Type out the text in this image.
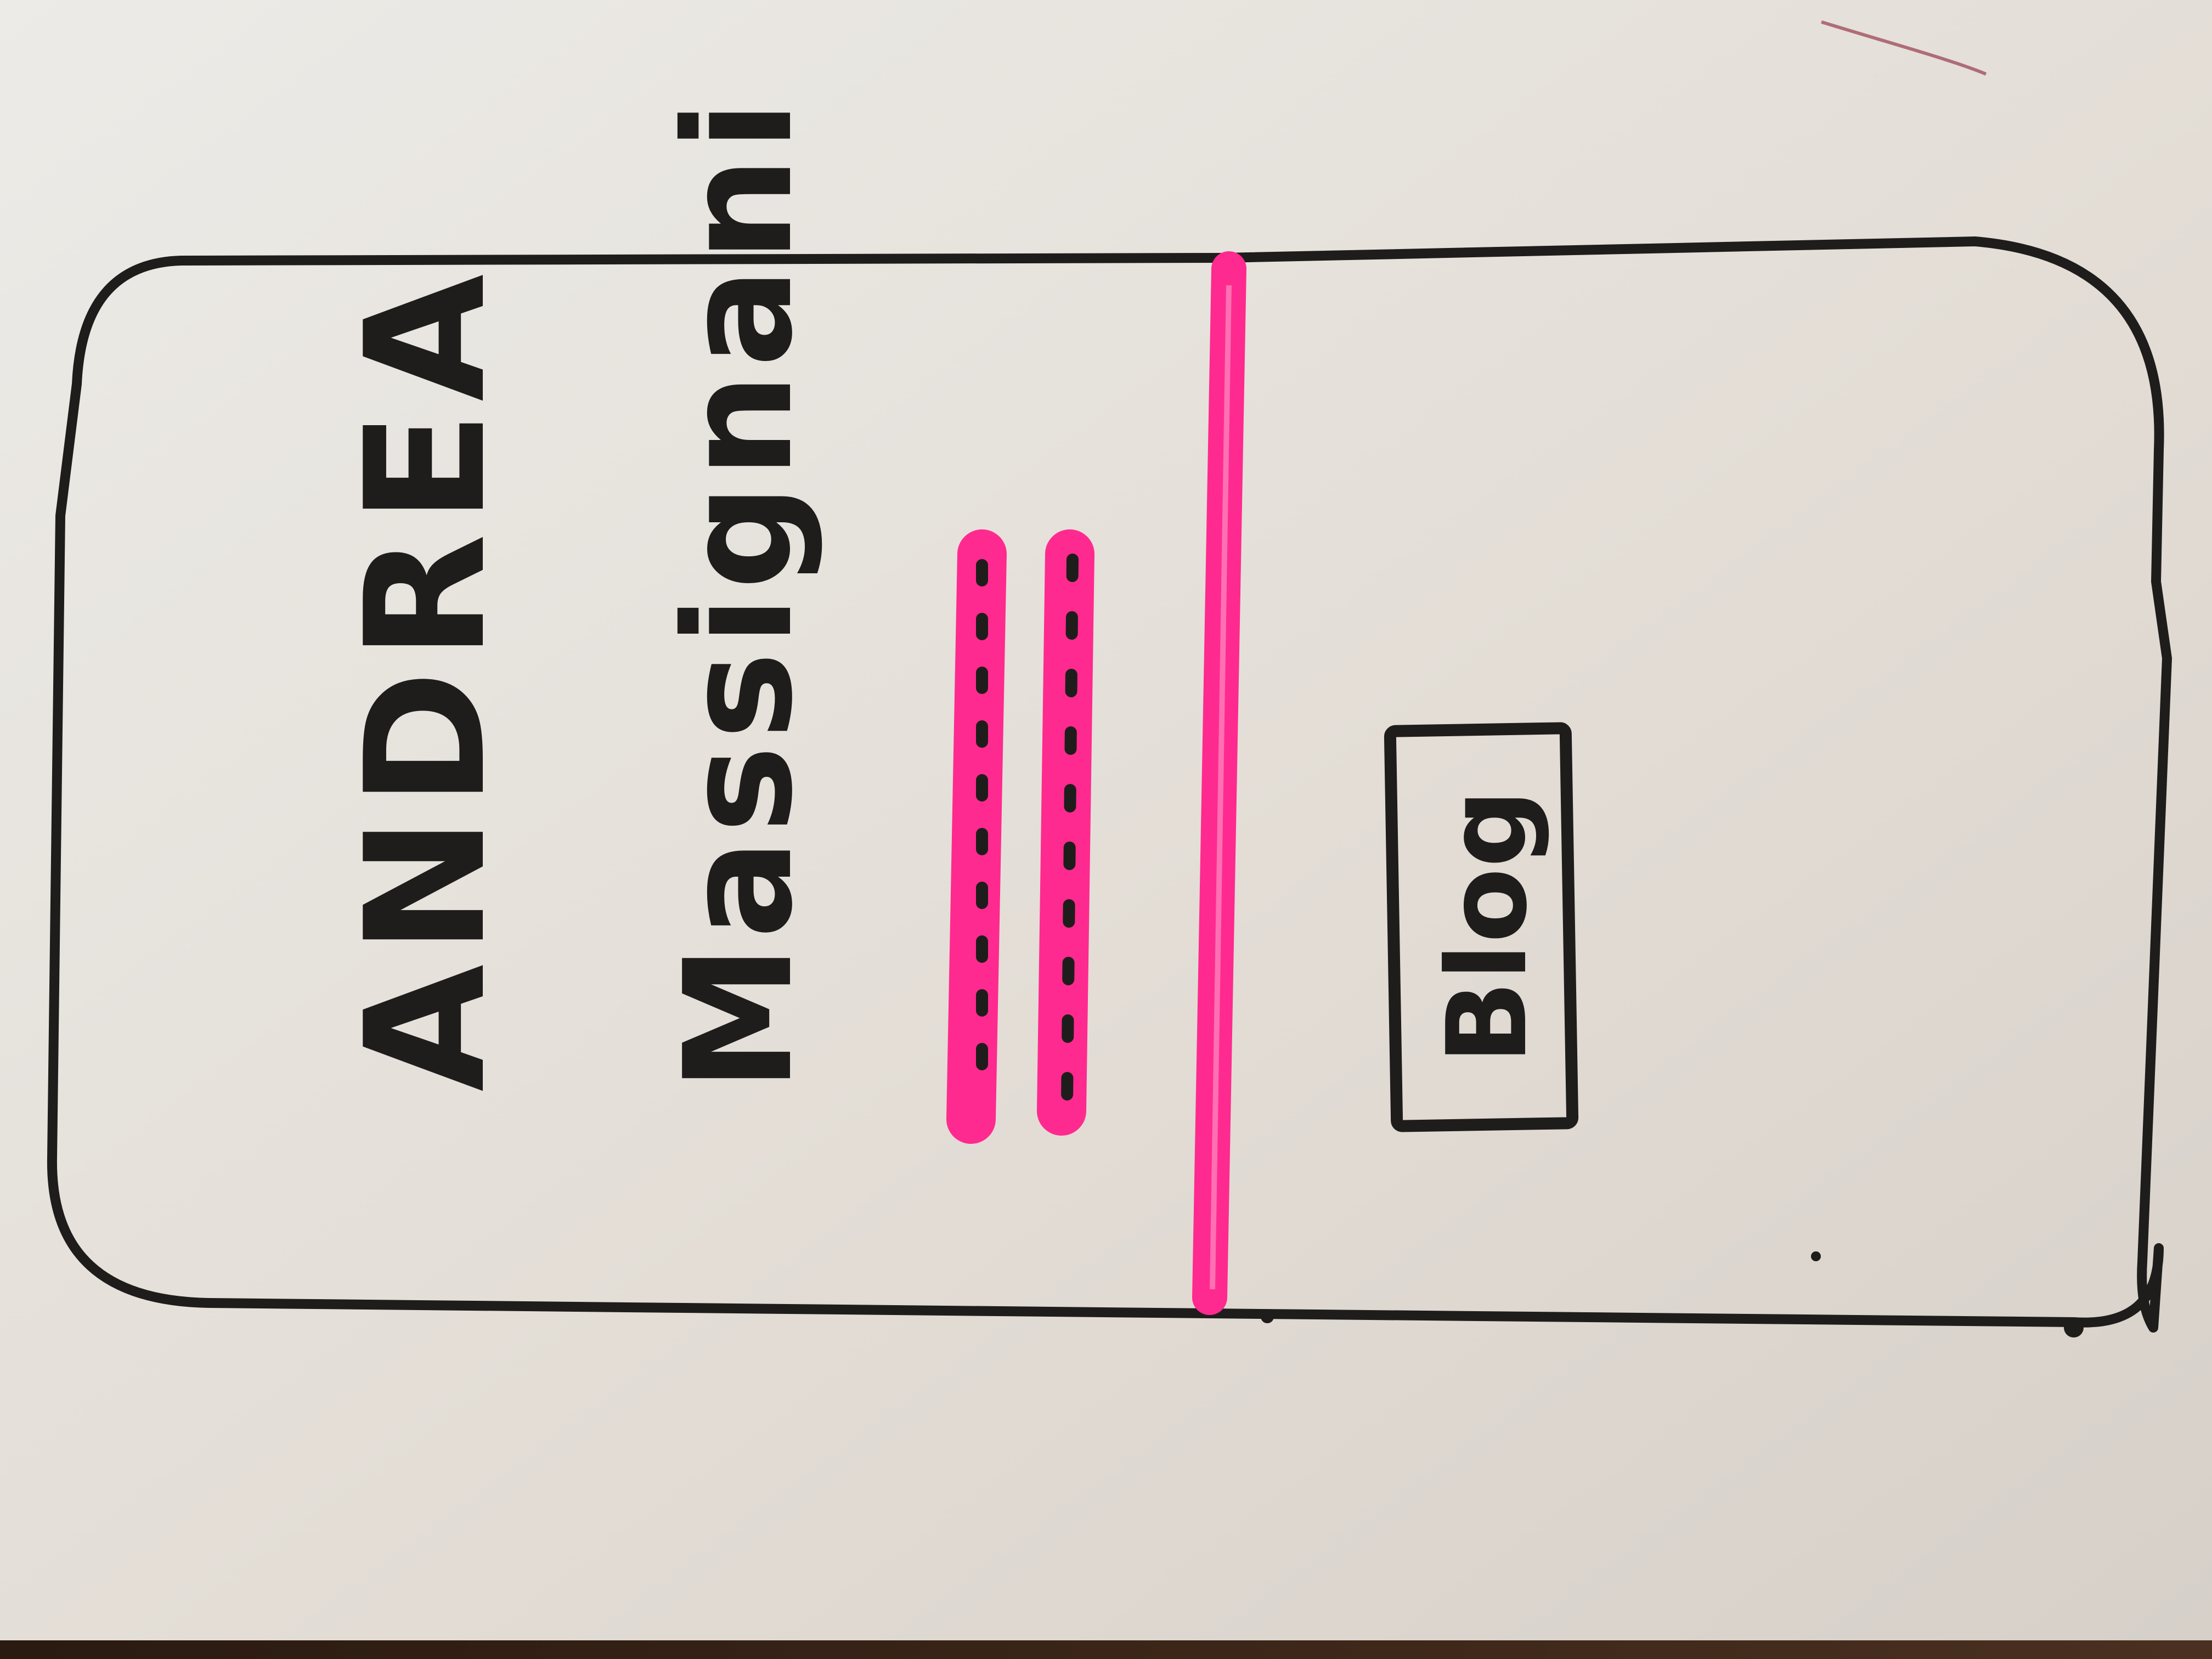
ANDREA Massignani	Blog
